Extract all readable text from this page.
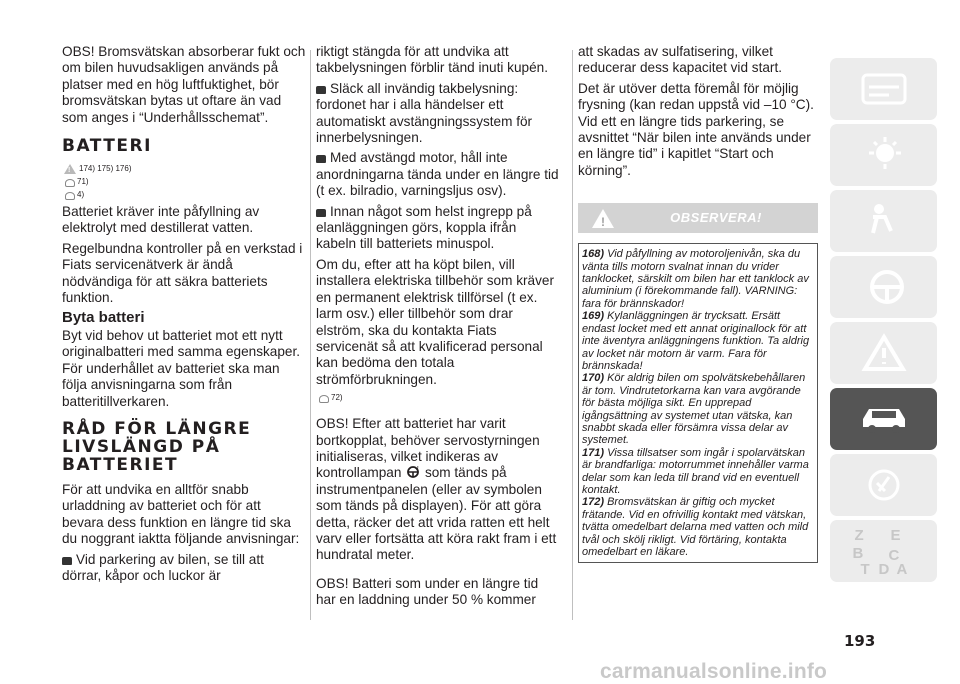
OBS! Bromsvätskan absorberar fukt och om bilen huvudsakligen används på platser med en hög luftfuktighet, bör bromsvätskan bytas ut oftare än vad som anges i “Underhållsschemat”.

BATTERI
!
174) 175) 176)
71)
4)

Batteriet kräver inte påfyllning av elektrolyt med destillerat vatten.

Regelbundna kontroller på en verkstad i Fiats servicenätverk är ändå nödvändiga för att säkra batteriets funktion.

Byta batteri

Byt vid behov ut batteriet mot ett nytt originalbatteri med samma egenskaper. För underhållet av batteriet ska man följa anvisningarna som från batteritillverkaren.

RÅD FÖR LÄNGRE LIVSLÄNGD PÅ BATTERIET

För att undvika en alltför snabb urladdning av batteriet och för att bevara dess funktion en längre tid ska du noggrant iaktta följande anvisningar:

Vid parkering av bilen, se till att dörrar, kåpor och luckor är

riktigt stängda för att undvika att takbelysningen förblir tänd inuti kupén.

Släck all invändig takbelysning: fordonet har i alla händelser ett automatiskt avstängningssystem för innerbelysningen.

Med avstängd motor, håll inte anordningarna tända under en längre tid (t ex. bilradio, varningsljus osv).

Innan något som helst ingrepp på elanläggningen görs, koppla ifrån kabeln till batteriets minuspol.

Om du, efter att ha köpt bilen, vill installera elektriska tillbehör som kräver en permanent elektrisk tillförsel (t ex. larm osv.) eller tillbehör som drar elström, ska du kontakta Fiats servicenät så att kvalificerad personal kan bedöma den totala strömförbrukningen.

72)

OBS! Efter att batteriet har varit bortkopplat, behöver servostyrningen initialiseras, vilket indikeras av kontrollampan	! som tänds på instrumentpanelen (eller av symbolen som tänds på displayen). För att göra detta, räcker det att vrida ratten ett helt varv eller fortsätta att köra rakt fram i ett hundratal meter.

OBS! Batteri som under en längre tid har en laddning under 50 % kommer

att skadas av sulfatisering, vilket reducerar dess kapacitet vid start.

Det är utöver detta föremål för möjlig frysning (kan redan uppstå vid –10 °C). Vid ett en längre tids parkering, se avsnittet “När bilen inte används under en längre tid” i kapitlet “Start och körning”.

!	OBSERVERA!

168) Vid påfyllning av motoroljenivån, ska du vänta tills motorn svalnat innan du vrider tanklocket, särskilt om bilen har ett tanklock av aluminium (i förekommande fall). VARNING: fara för brännskador!

169) Kylanläggningen är trycksatt. Ersätt endast locket med ett annat originallock för att inte äventyra anläggningens funktion. Ta aldrig av locket när motorn är varm. Fara för brännskada!

170) Kör aldrig bilen om spolvätskebehållaren är tom. Vindrutetorkarna kan vara avgörande för bästa möjliga sikt. En upprepad igångsättning av systemet utan vätska, kan snabbt skada eller försämra vissa delar av systemet.

171) Vissa tillsatser som ingår i spolarvätskan är brandfarliga: motorrummet innehåller varma delar som kan leda till brand vid en eventuell kontakt.

172) Bromsvätskan är giftig och mycket frätande. Vid en ofrivillig kontakt med vätskan, tvätta omedelbart delarna med vatten och mild tvål och skölj rikligt. Vid förtäring, kontakta omedelbart en läkare.

193
carmanualsonline.info
Z E
B C
T D A
